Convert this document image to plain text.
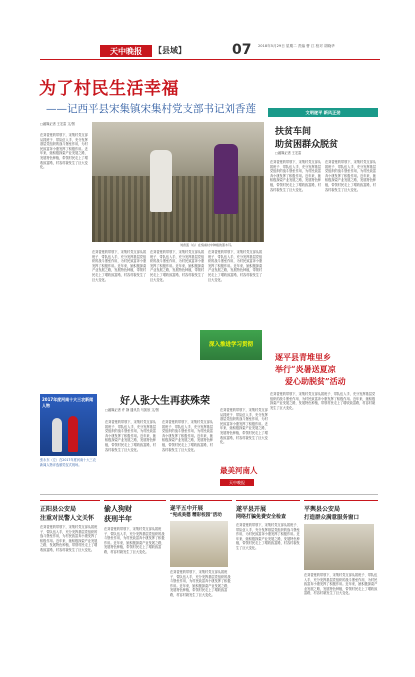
天中晚报	【县域】	07 2018年5月29日 星期二 责编 曹 江 校对 胡晓华
为了村民生活幸福
——记西平县宋集镇宋集村党支部书记刘香莲
□融媒记者 王宏雷 文/图
在刘香莲的带领下，宋集村党支部从抓班子、带队伍入手，充分发挥基层党组织的战斗堡垒作用，为村民致富奔小康发挥了积极作用。近年来，她积极探索产业发展之路，发展特色种植，带领村民走上了增收致富路，村容村貌发生了巨大变化。
刘香莲（右）在察看村中种植的黑木耳。
在刘香莲的带领下，宋集村党支部从抓班子、带队伍入手，充分发挥基层党组织的战斗堡垒作用，为村民致富奔小康发挥了积极作用。近年来，她积极探索产业发展之路，发展特色种植，带领村民走上了增收致富路，村容村貌发生了巨大变化。
在刘香莲的带领下，宋集村党支部从抓班子、带队伍入手，充分发挥基层党组织的战斗堡垒作用，为村民致富奔小康发挥了积极作用。近年来，她积极探索产业发展之路，发展特色种植，带领村民走上了增收致富路，村容村貌发生了巨大变化。
在刘香莲的带领下，宋集村党支部从抓班子、带队伍入手，充分发挥基层党组织的战斗堡垒作用，为村民致富奔小康发挥了积极作用。近年来，她积极探索产业发展之路，发展特色种植，带领村民走上了增收致富路，村容村貌发生了巨大变化。
文明遂平 新风正劲
扶贫车间
助贫困群众脱贫
□融媒记者 王宏雷
在刘香莲的带领下，宋集村党支部从抓班子、带队伍入手，充分发挥基层党组织的战斗堡垒作用，为村民致富奔小康发挥了积极作用。近年来，她积极探索产业发展之路，发展特色种植，带领村民走上了增收致富路，村容村貌发生了巨大变化。
在刘香莲的带领下，宋集村党支部从抓班子、带队伍入手，充分发挥基层党组织的战斗堡垒作用，为村民致富奔小康发挥了积极作用。近年来，她积极探索产业发展之路，发展特色种植，带领村民走上了增收致富路，村容村貌发生了巨大变化。
深入推进学习贯彻
逐平县青堆里乡
举行“炎暑送夏凉
爱心助脱贫”活动
在刘香莲的带领下，宋集村党支部从抓班子、带队伍入手，充分发挥基层党组织的战斗堡垒作用，为村民致富奔小康发挥了积极作用。近年来，她积极探索产业发展之路，发展特色种植，带领村民走上了增收致富路，村容村貌发生了巨大变化。
2017年度河南十大三农新闻人物
张永东（左）在2017年度河南十大三农新闻人物评选颁奖仪式现场。
好人张大生再获殊荣
□融媒记者 许 静 通讯员 马凯欣 文/图
在刘香莲的带领下，宋集村党支部从抓班子、带队伍入手，充分发挥基层党组织的战斗堡垒作用，为村民致富奔小康发挥了积极作用。近年来，她积极探索产业发展之路，发展特色种植，带领村民走上了增收致富路，村容村貌发生了巨大变化。
在刘香莲的带领下，宋集村党支部从抓班子、带队伍入手，充分发挥基层党组织的战斗堡垒作用，为村民致富奔小康发挥了积极作用。近年来，她积极探索产业发展之路，发展特色种植，带领村民走上了增收致富路，村容村貌发生了巨大变化。
在刘香莲的带领下，宋集村党支部从抓班子、带队伍入手，充分发挥基层党组织的战斗堡垒作用，为村民致富奔小康发挥了积极作用。近年来，她积极探索产业发展之路，发展特色种植，带领村民走上了增收致富路，村容村貌发生了巨大变化。
最美河南人
天中晚报
正阳县公安局
注重对民警人文关怀
在刘香莲的带领下，宋集村党支部从抓班子、带队伍入手，充分发挥基层党组织的战斗堡垒作用，为村民致富奔小康发挥了积极作用。近年来，她积极探索产业发展之路，发展特色种植，带领村民走上了增收致富路，村容村貌发生了巨大变化。
偷人狗财
获刑半年
在刘香莲的带领下，宋集村党支部从抓班子、带队伍入手，充分发挥基层党组织的战斗堡垒作用，为村民致富奔小康发挥了积极作用。近年来，她积极探索产业发展之路，发展特色种植，带领村民走上了增收致富路，村容村貌发生了巨大变化。
遂平五中开展
“宪成美德 精彩校园”活动
在刘香莲的带领下，宋集村党支部从抓班子、带队伍入手，充分发挥基层党组织的战斗堡垒作用，为村民致富奔小康发挥了积极作用。近年来，她积极探索产业发展之路，发展特色种植，带领村民走上了增收致富路，村容村貌发生了巨大变化。
遂平县开展
网络打骗免费安全检查
在刘香莲的带领下，宋集村党支部从抓班子、带队伍入手，充分发挥基层党组织的战斗堡垒作用，为村民致富奔小康发挥了积极作用。近年来，她积极探索产业发展之路，发展特色种植，带领村民走上了增收致富路，村容村貌发生了巨大变化。
平舆县公安局
打造群众满意服务窗口
在刘香莲的带领下，宋集村党支部从抓班子、带队伍入手，充分发挥基层党组织的战斗堡垒作用，为村民致富奔小康发挥了积极作用。近年来，她积极探索产业发展之路，发展特色种植，带领村民走上了增收致富路，村容村貌发生了巨大变化。
